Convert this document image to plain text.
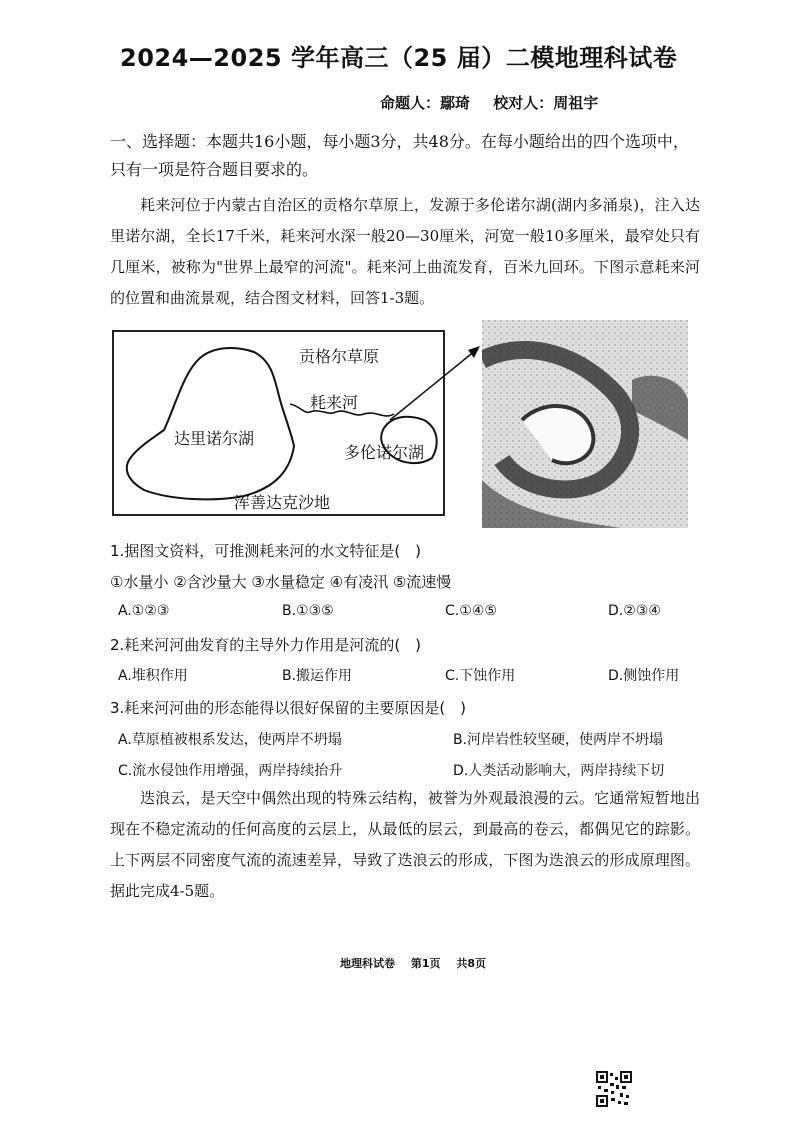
2024—2025 学年高三（25 届）二模地理科试卷
命题人：鄢琦 校对人：周祖宇
一、选择题：本题共16小题，每小题3分，共48分。在每小题给出的四个选项中，只有一项是符合题目要求的。
耗来河位于内蒙古自治区的贡格尔草原上，发源于多伦诺尔湖(湖内多涌泉)，注入达里诺尔湖，全长17千米，耗来河水深一般20—30厘米，河宽一般10多厘米，最窄处只有几厘米，被称为"世界上最窄的河流"。耗来河上曲流发育，百米九回环。下图示意耗来河的位置和曲流景观，结合图文材料，回答1-3题。
贡格尔草原
耗来河
达里诺尔湖
多伦诺尔湖
浑善达克沙地
1.据图文资料，可推测耗来河的水文特征是(　)
①水量小 ②含沙量大 ③水量稳定 ④有凌汛 ⑤流速慢
A.①②③	B.①③⑤	C.①④⑤	D.②③④
2.耗来河河曲发育的主导外力作用是河流的(　)
A.堆积作用	B.搬运作用	C.下蚀作用	D.侧蚀作用
3.耗来河河曲的形态能得以很好保留的主要原因是(　)
A.草原植被根系发达，使两岸不坍塌	B.河岸岩性较坚硬，使两岸不坍塌
C.流水侵蚀作用增强，两岸持续抬升	D.人类活动影响大，两岸持续下切
迭浪云，是天空中偶然出现的特殊云结构，被誉为外观最浪漫的云。它通常短暂地出现在不稳定流动的任何高度的云层上，从最低的层云，到最高的卷云，都偶见它的踪影。上下两层不同密度气流的流速差异，导致了迭浪云的形成，下图为迭浪云的形成原理图。据此完成4-5题。
地理科试卷 第1页 共8页
